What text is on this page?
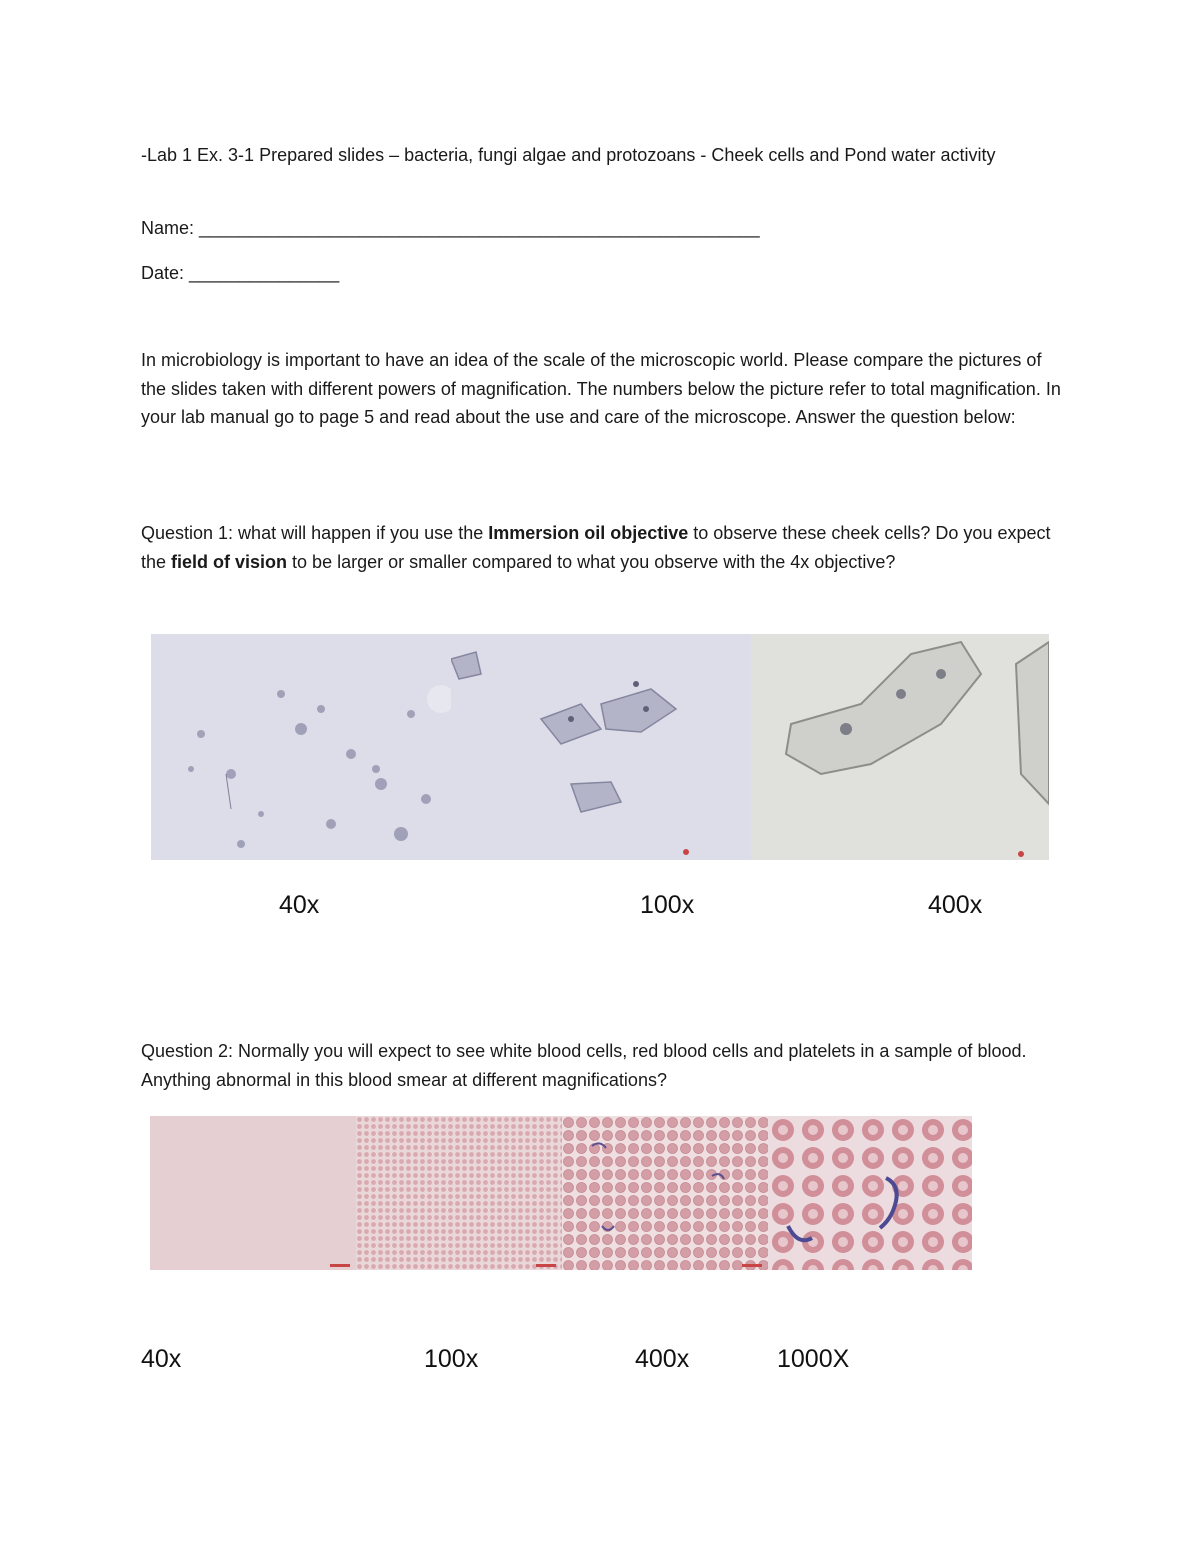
-Lab 1 Ex. 3-1 Prepared slides – bacteria, fungi algae and protozoans - Cheek cells and Pond water activity
Name: ________________________________________________________
Date: _______________
In microbiology is important to have an idea of the scale of the microscopic world. Please compare the pictures of the slides taken with different powers of magnification. The numbers below the picture refer to total magnification. In your lab manual go to page 5 and read about the use and care of the microscope. Answer the question below:
Question 1: what will happen if you use the Immersion oil objective to observe these cheek cells? Do you expect the field of vision to be larger or smaller compared to what you observe with the 4x objective?
40x	100x	400x
Question 2: Normally you will expect to see white blood cells, red blood cells and platelets in a sample of blood. Anything abnormal in this blood smear at different magnifications?
40x	100x	400x	1000X
